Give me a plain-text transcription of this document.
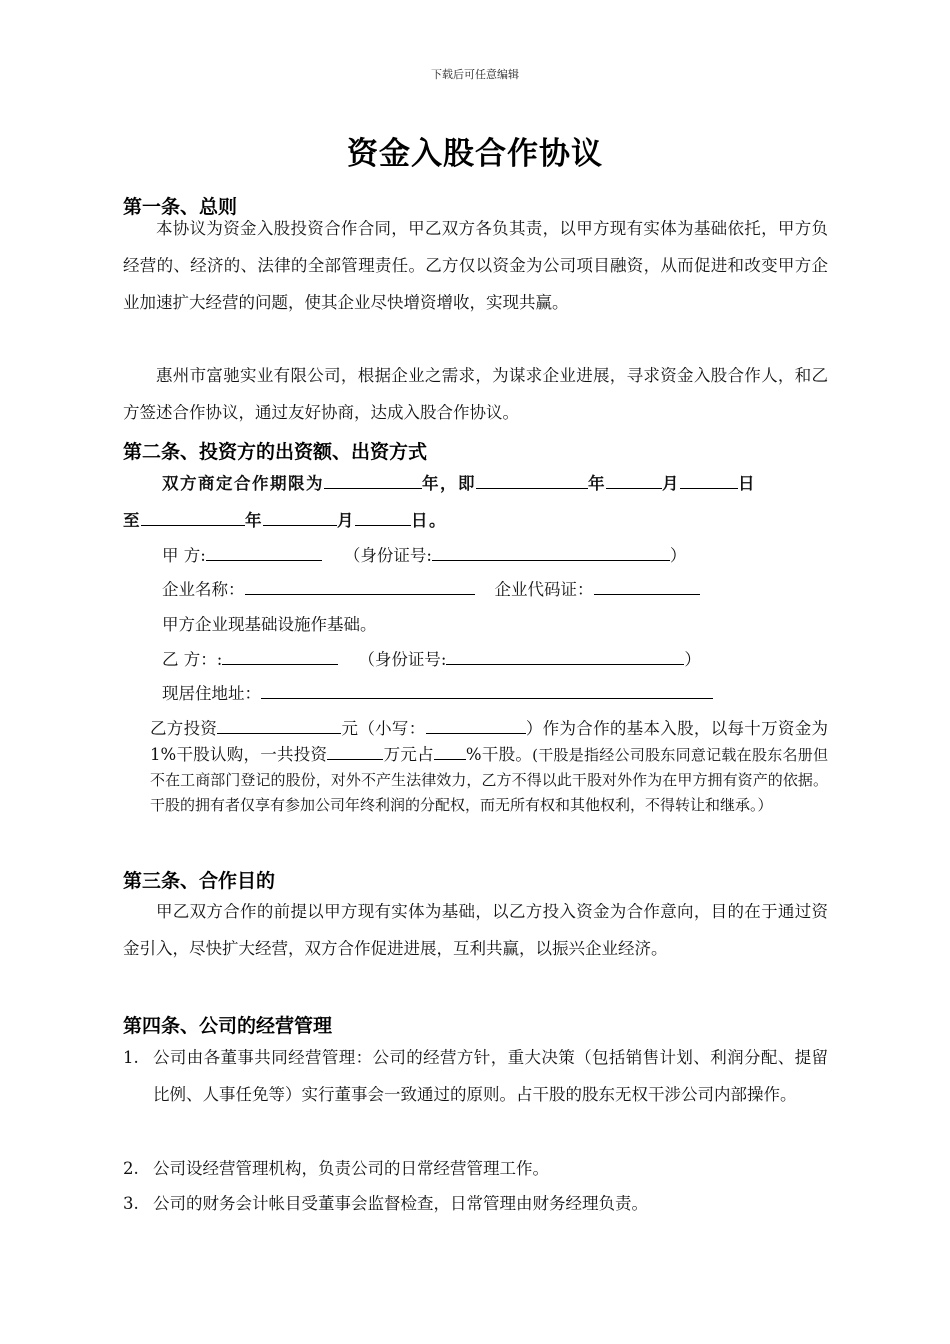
下载后可任意编辑
资金入股合作协议
第一条、总则
本协议为资金入股投资合作合同，甲乙双方各负其责，以甲方现有实体为基础依托，甲方负经营的、经济的、法律的全部管理责任。乙方仅以资金为公司项目融资，从而促进和改变甲方企业加速扩大经营的问题，使其企业尽快增资增收，实现共赢。
惠州市富驰实业有限公司，根据企业之需求，为谋求企业进展，寻求资金入股合作人，和乙方签述合作协议，通过友好协商，达成入股合作协议。
第二条、投资方的出资额、出资方式
双方商定合作期限为	年，即	年	月	日
至	年	月	日。
甲 方:	（身份证号:	）
企业名称：	企业代码证：
甲方企业现基础设施作基础。
乙 方：:	（身份证号:	）
现居住地址：
乙方投资	元（小写：	）作为合作的基本入股，以每十万资金为 1%干股认购，一共投资	万元占 %干股。(干股是指经公司股东同意记载在股东名册但不在工商部门登记的股份，对外不产生法律效力，乙方不得以此干股对外作为在甲方拥有资产的依据。干股的拥有者仅享有参加公司年终利润的分配权，而无所有权和其他权利，不得转让和继承。）
第三条、合作目的
甲乙双方合作的前提以甲方现有实体为基础，以乙方投入资金为合作意向，目的在于通过资金引入，尽快扩大经营，双方合作促进进展，互利共赢，以振兴企业经济。
第四条、公司的经营管理
1. 公司由各董事共同经营管理：公司的经营方针，重大决策（包括销售计划、利润分配、提留比例、人事任免等）实行董事会一致通过的原则。占干股的股东无权干涉公司内部操作。
2. 公司设经营管理机构，负责公司的日常经营管理工作。
3. 公司的财务会计帐目受董事会监督检查，日常管理由财务经理负责。
